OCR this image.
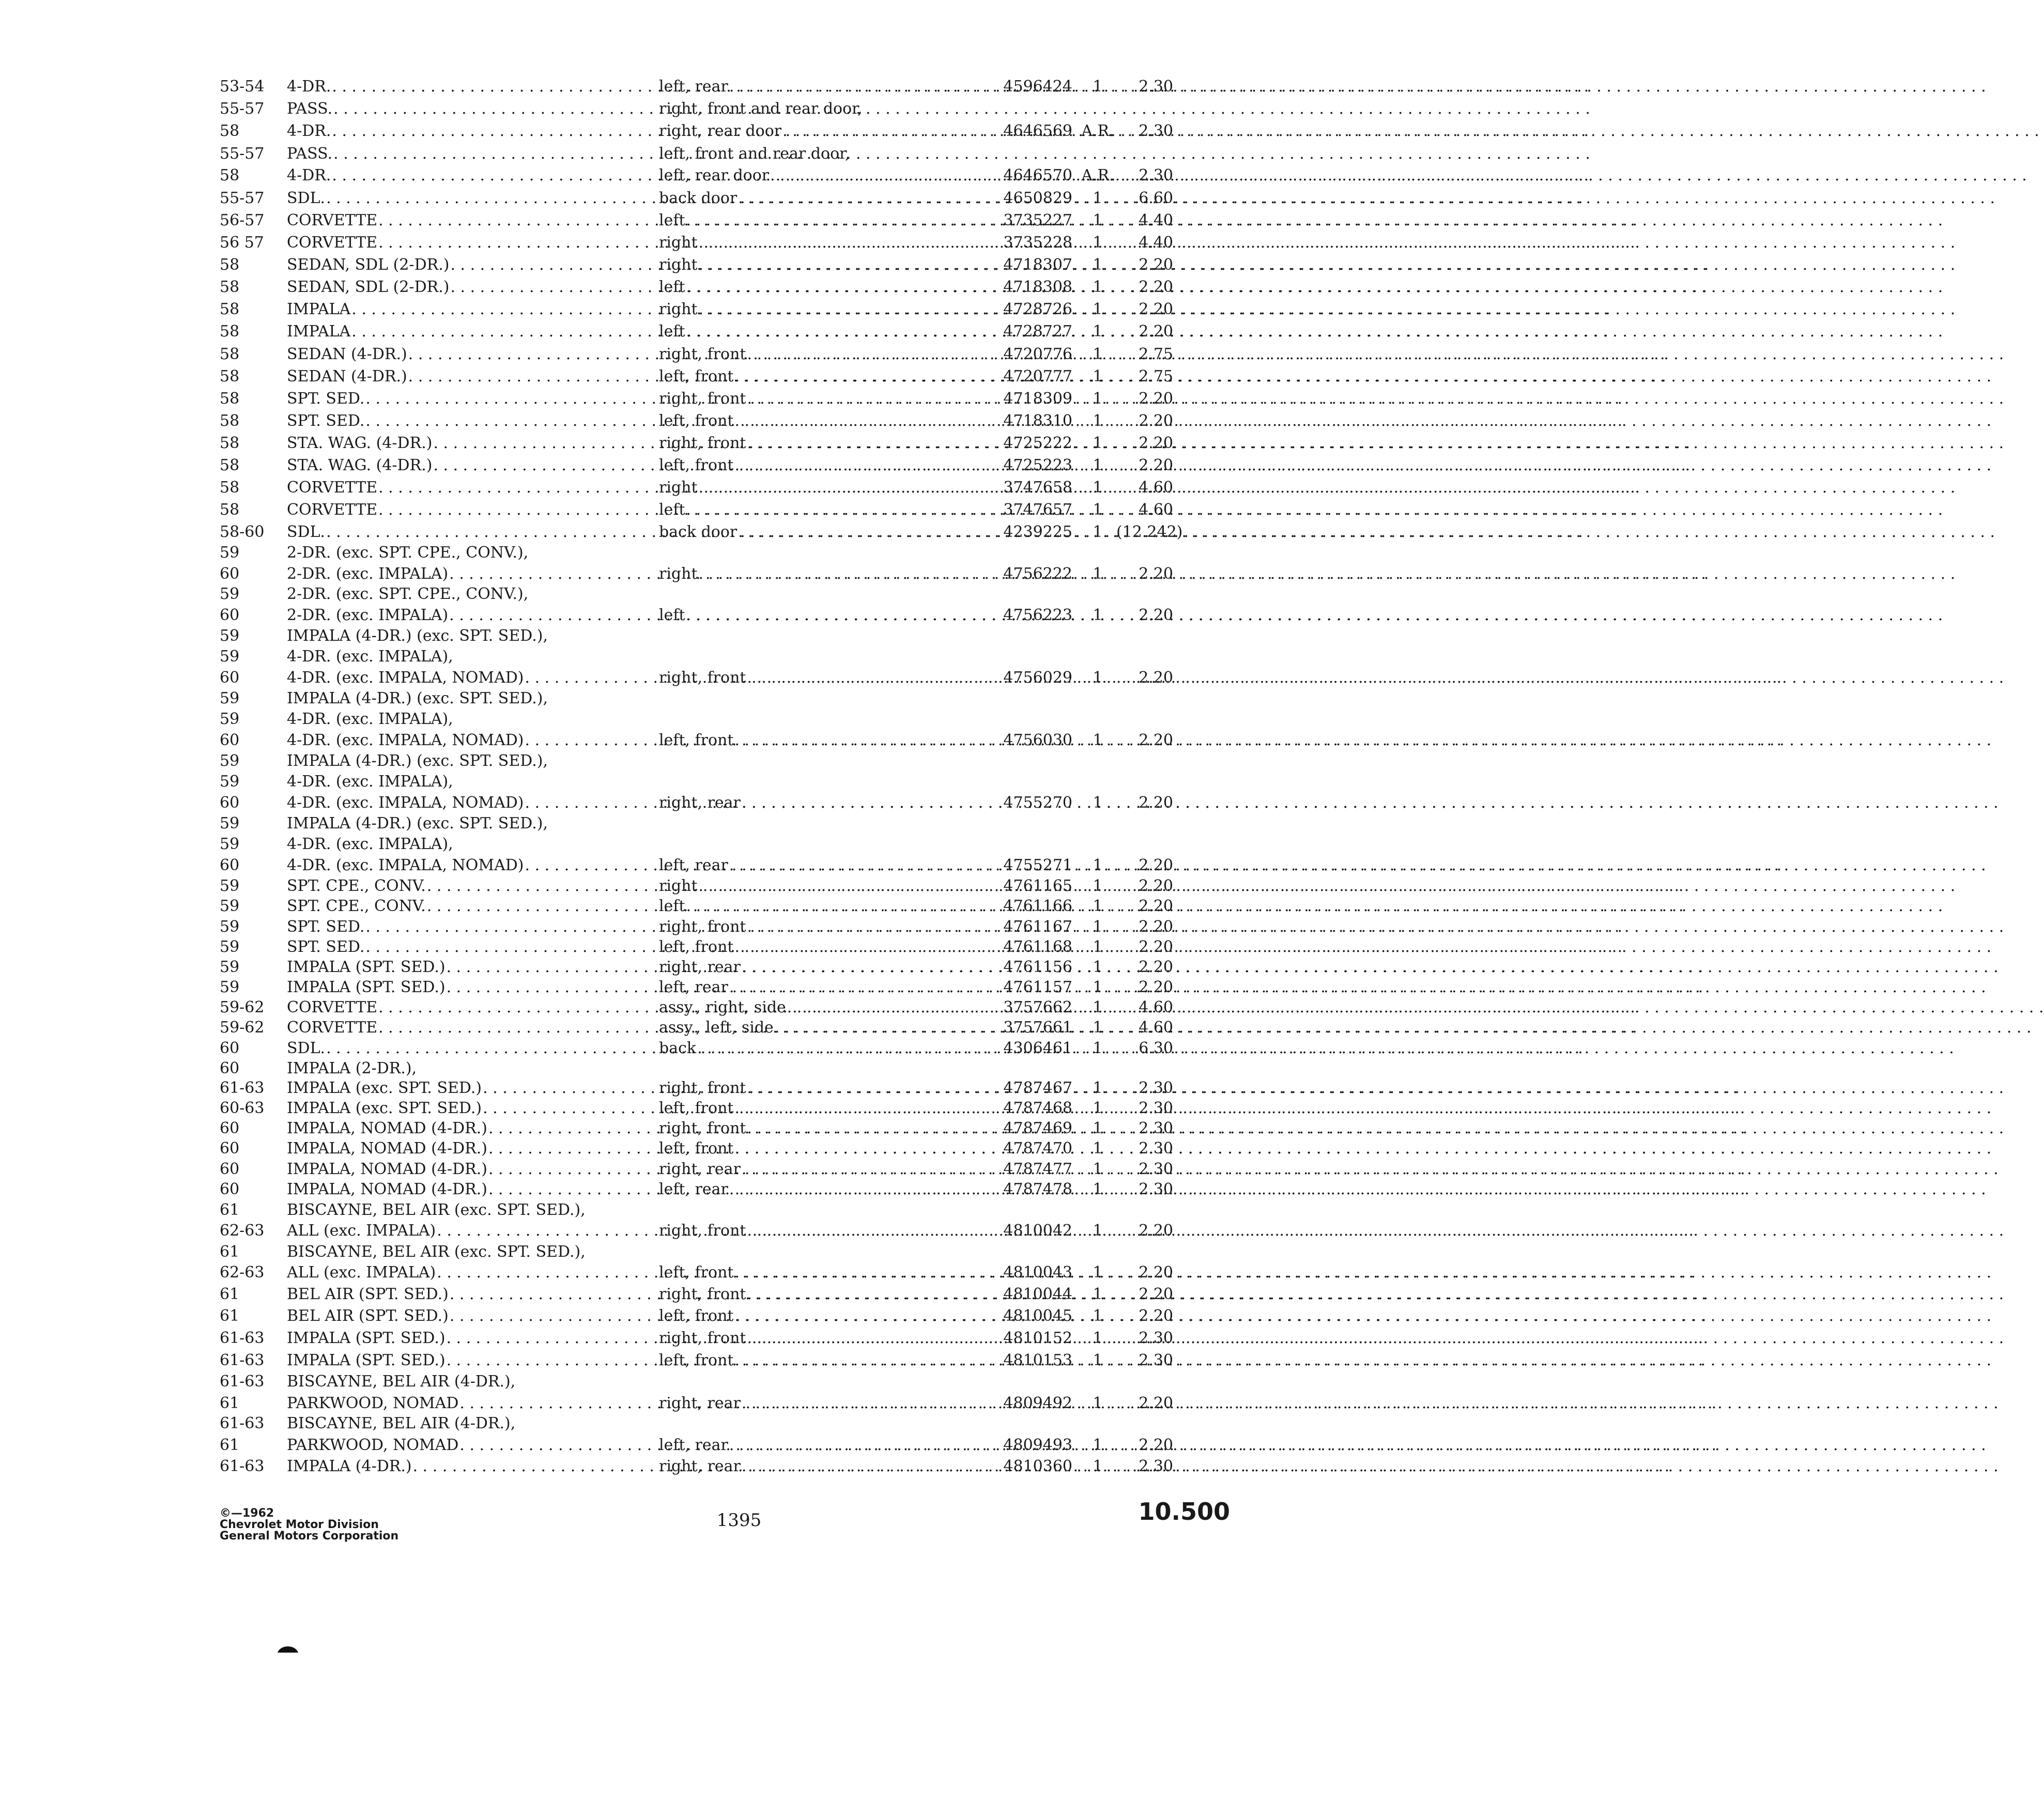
53-54	4-DR. . . .	left, rear . . .	4596424	1	2.30
55-57	PASS. . . .	right, front and rear door,
58	4-DR. . . .	right, rear door . . .	4646569 A.R.	2.30
55-57	PASS. . . .	left, front and rear door,
58	4-DR. . . .	left, rear door . . .	4646570 A.R.	2.30
55-57	SDL. . . .	back door . . .	4650829	1	6.60
56-57	CORVETTE . . .	left . . .	3735227	1	4.40
56 57	CORVETTE . . .	right . . .	3735228	1	4.40
58	SEDAN, SDL (2-DR.) . . .	right . . .	4718307	1	2.20
58	SEDAN, SDL (2-DR.) . . .	left . . .	4718308	1	2.20
58	IMPALA . . .	right . . .	4728726	1	2.20
58	IMPALA . . .	left . . .	4728727	1	2.20
58	SEDAN (4-DR.) . . .	right, front . . .	4720776	1	2.75
58	SEDAN (4-DR.) . . .	left, front . . .	4720777	1	2.75
58	SPT. SED. . . .	right, front . . .	4718309	1	2.20
58	SPT. SED. . . .	left, front . . .	4718310	1	2.20
58	STA. WAG. (4-DR.) . . .	right, front . . .	4725222	1	2.20
58	STA. WAG. (4-DR.) . . .	left, front . . .	4725223	1	2.20
58	CORVETTE . . .	right . . .	3747658	1	4.60
58	CORVETTE . . .	left . . .	3747657	1	4.60
58-60	SDL. . . .	back door . . .	4239225	1 (12.242)
59	2-DR. (exc. SPT. CPE., CONV.),
60	2-DR. (exc. IMPALA) . . .	right . . .	4756222	1	2.20
59	2-DR. (exc. SPT. CPE., CONV.),
60	2-DR. (exc. IMPALA) . . .	left . . .	4756223	1	2.20
59	IMPALA (4-DR.) (exc. SPT. SED.),
59	4-DR. (exc. IMPALA),
60	4-DR. (exc. IMPALA, NOMAD) . . .	right, front . . .	4756029	1	2.20
59	IMPALA (4-DR.) (exc. SPT. SED.),
59	4-DR. (exc. IMPALA),
60	4-DR. (exc. IMPALA, NOMAD) . . .	left, front . . .	4756030	1	2.20
59	IMPALA (4-DR.) (exc. SPT. SED.),
59	4-DR. (exc. IMPALA),
60	4-DR. (exc. IMPALA, NOMAD) . . .	right, rear . . .	4755270	1	2.20
59	IMPALA (4-DR.) (exc. SPT. SED.),
59	4-DR. (exc. IMPALA),
60	4-DR. (exc. IMPALA, NOMAD) . . .	left, rear . . .	4755271	1	2.20
59	SPT. CPE., CONV. . . .	right . . .	4761165	1	2.20
59	SPT. CPE., CONV. . . .	left . . .	4761166	1	2.20
59	SPT. SED. . . .	right, front . . .	4761167	1	2.20
59	SPT. SED. . . .	left, front . . .	4761168	1	2.20
59	IMPALA (SPT. SED.) . . .	right, rear . . .	4761156	1	2.20
59	IMPALA (SPT. SED.) . . .	left, rear . . .	4761157	1	2.20
59-62	CORVETTE . . .	assy., right, side . . .	3757662	1	4.60
59-62	CORVETTE . . .	assy., left, side . . .	3757661	1	4.60
60	SDL. . . .	back . . .	4306461	1	6.30
60	IMPALA (2-DR.),
61-63	IMPALA (exc. SPT. SED.) . . .	right, front . . .	4787467	1	2.30
60-63	IMPALA (exc. SPT. SED.) . . .	left, front . . .	4787468	1	2.30
60	IMPALA, NOMAD (4-DR.) . . .	right, front . . .	4787469	1	2.30
60	IMPALA, NOMAD (4-DR.) . . .	left, front . . .	4787470	1	2.30
60	IMPALA, NOMAD (4-DR.) . . .	right, rear . . .	4787477	1	2.30
60	IMPALA, NOMAD (4-DR.) . . .	left, rear . . .	4787478	1	2.30
61	BISCAYNE, BEL AIR (exc. SPT. SED.),
62-63	ALL (exc. IMPALA) . . .	right, front . . .	4810042	1	2.20
61	BISCAYNE, BEL AIR (exc. SPT. SED.),
62-63	ALL (exc. IMPALA) . . .	left, front . . .	4810043	1	2.20
61	BEL AIR (SPT. SED.) . . .	right, front . . .	4810044	1	2.20
61	BEL AIR (SPT. SED.) . . .	left, front . . .	4810045	1	2.20
61-63	IMPALA (SPT. SED.) . . .	right, front . . .	4810152	1	2.30
61-63	IMPALA (SPT. SED.) . . .	left, front . . .	4810153	1	2.30
61-63	BISCAYNE, BEL AIR (4-DR.),
61	PARKWOOD, NOMAD . . .	right, rear . . .	4809492	1	2.20
61-63	BISCAYNE, BEL AIR (4-DR.),
61	PARKWOOD, NOMAD . . .	left, rear . . .	4809493	1	2.20
61-63	IMPALA (4-DR.) . . .	right, rear . . .	4810360	1	2.30
©—1962
Chevrolet Motor Division
General Motors Corporation
1395	10.500
